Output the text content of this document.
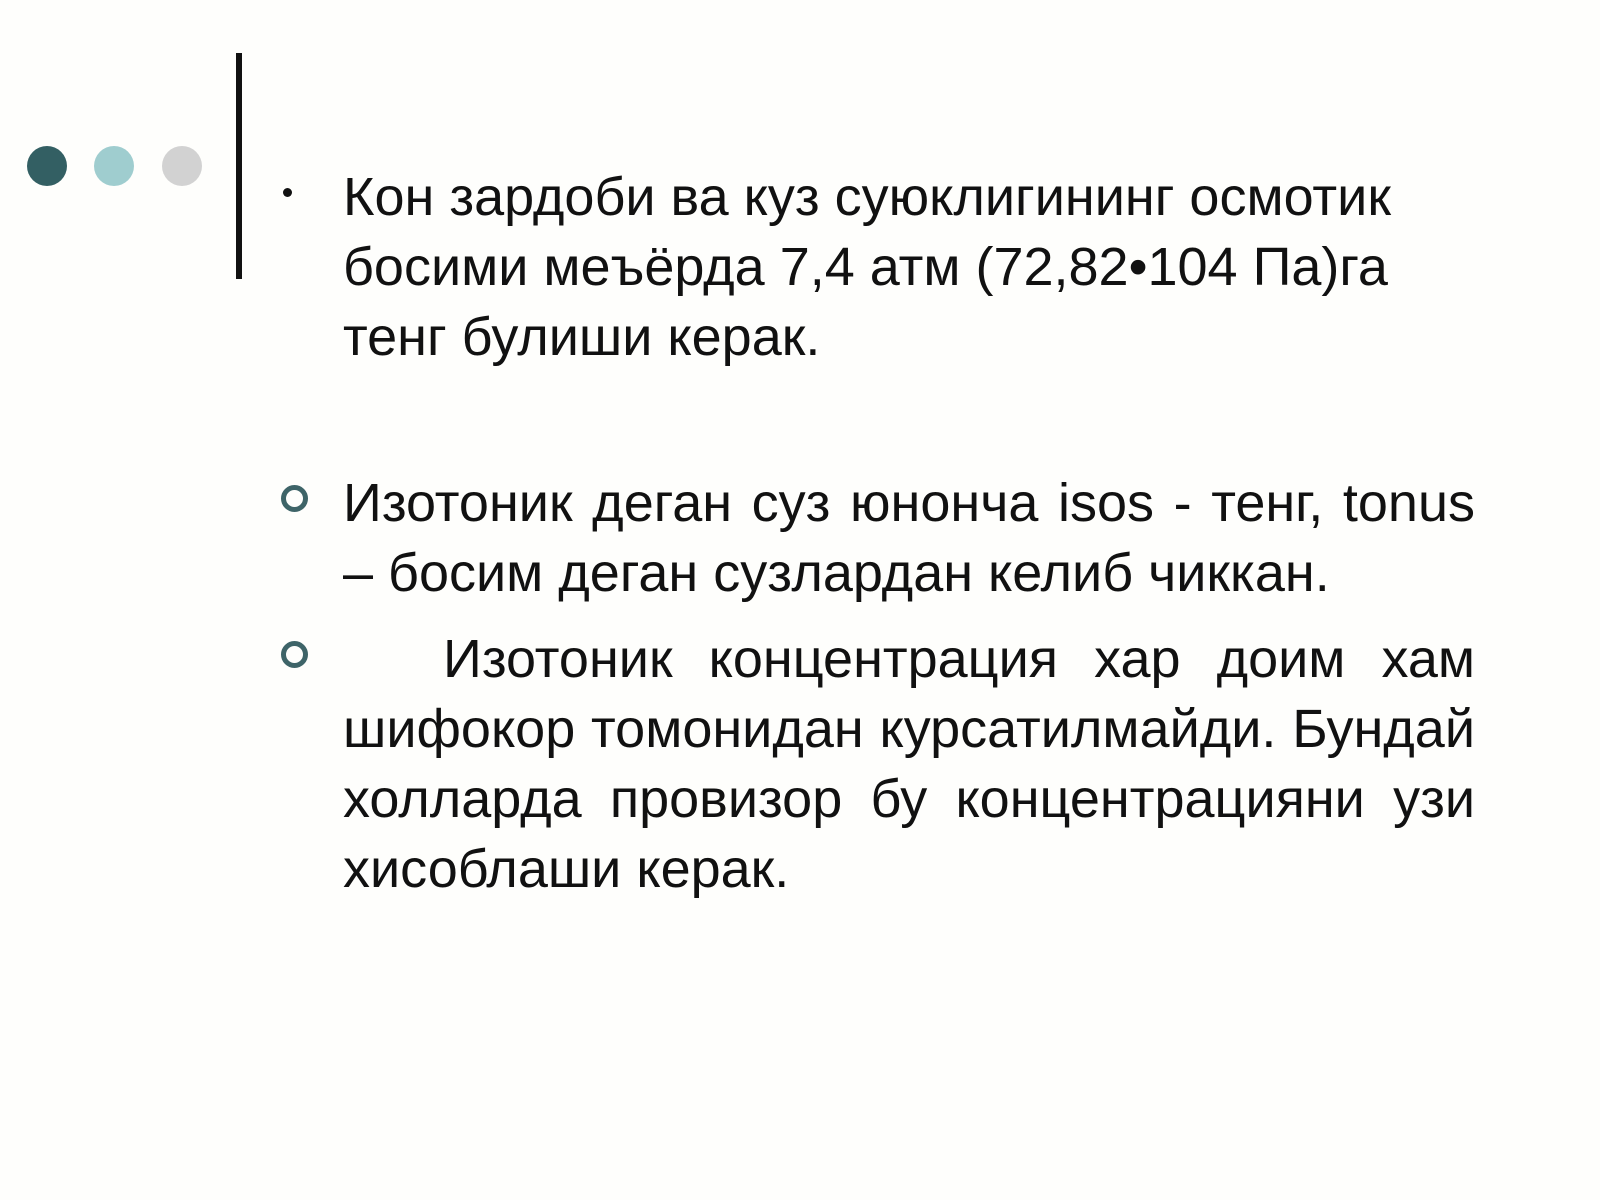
Кон зардоби ва куз суюклигининг осмотик босими меъёрда 7,4 атм (72,82•104 Па)га тенг булиши керак.
Изотоник деган суз юнонча isos - тенг, tonus – босим деган сузлардан келиб чиккан.
Изотоник концентрация хар доим хам шифокор томонидан курсатилмайди. Бундай холларда провизор бу концентрацияни узи хисоблаши керак.
